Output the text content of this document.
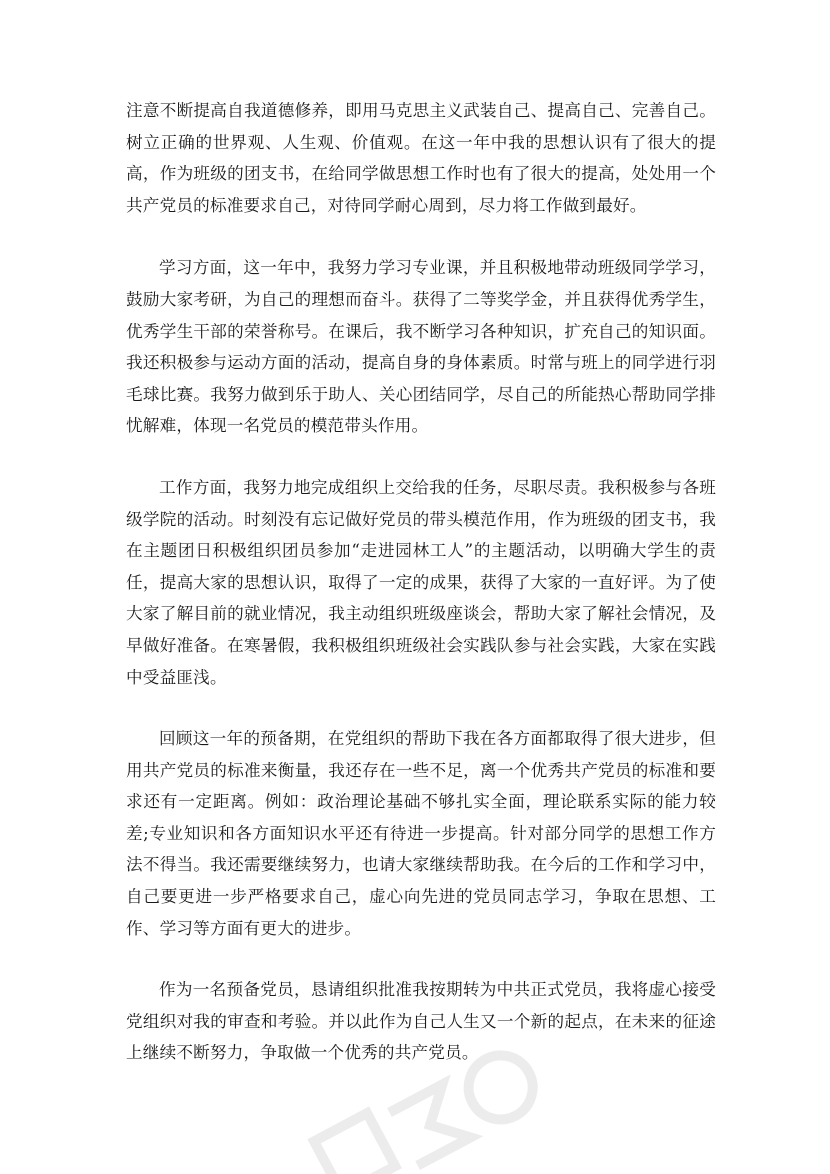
注意不断提高自我道德修养，即用马克思主义武装自己、提高自己、完善自己。树立正确的世界观、人生观、价值观。在这一年中我的思想认识有了很大的提高，作为班级的团支书，在给同学做思想工作时也有了很大的提高，处处用一个共产党员的标准要求自己，对待同学耐心周到，尽力将工作做到最好。

学习方面，这一年中，我努力学习专业课，并且积极地带动班级同学学习，鼓励大家考研，为自己的理想而奋斗。获得了二等奖学金，并且获得优秀学生，优秀学生干部的荣誉称号。在课后，我不断学习各种知识，扩充自己的知识面。我还积极参与运动方面的活动，提高自身的身体素质。时常与班上的同学进行羽毛球比赛。我努力做到乐于助人、关心团结同学，尽自己的所能热心帮助同学排忧解难，体现一名党员的模范带头作用。

工作方面，我努力地完成组织上交给我的任务，尽职尽责。我积极参与各班级学院的活动。时刻没有忘记做好党员的带头模范作用，作为班级的团支书，我在主题团日积极组织团员参加“走进园林工人”的主题活动，以明确大学生的责任，提高大家的思想认识，取得了一定的成果，获得了大家的一直好评。为了使大家了解目前的就业情况，我主动组织班级座谈会，帮助大家了解社会情况，及早做好准备。在寒暑假，我积极组织班级社会实践队参与社会实践，大家在实践中受益匪浅。

回顾这一年的预备期，在党组织的帮助下我在各方面都取得了很大进步，但用共产党员的标准来衡量，我还存在一些不足，离一个优秀共产党员的标准和要求还有一定距离。例如：政治理论基础不够扎实全面，理论联系实际的能力较差;专业知识和各方面知识水平还有待进一步提高。针对部分同学的思想工作方法不得当。我还需要继续努力，也请大家继续帮助我。在今后的工作和学习中，自己要更进一步严格要求自己，虚心向先进的党员同志学习，争取在思想、工作、学习等方面有更大的进步。

作为一名预备党员，恳请组织批准我按期转为中共正式党员，我将虚心接受党组织对我的审查和考验。并以此作为自己人生又一个新的起点，在未来的征途上继续不断努力，争取做一个优秀的共产党员。
